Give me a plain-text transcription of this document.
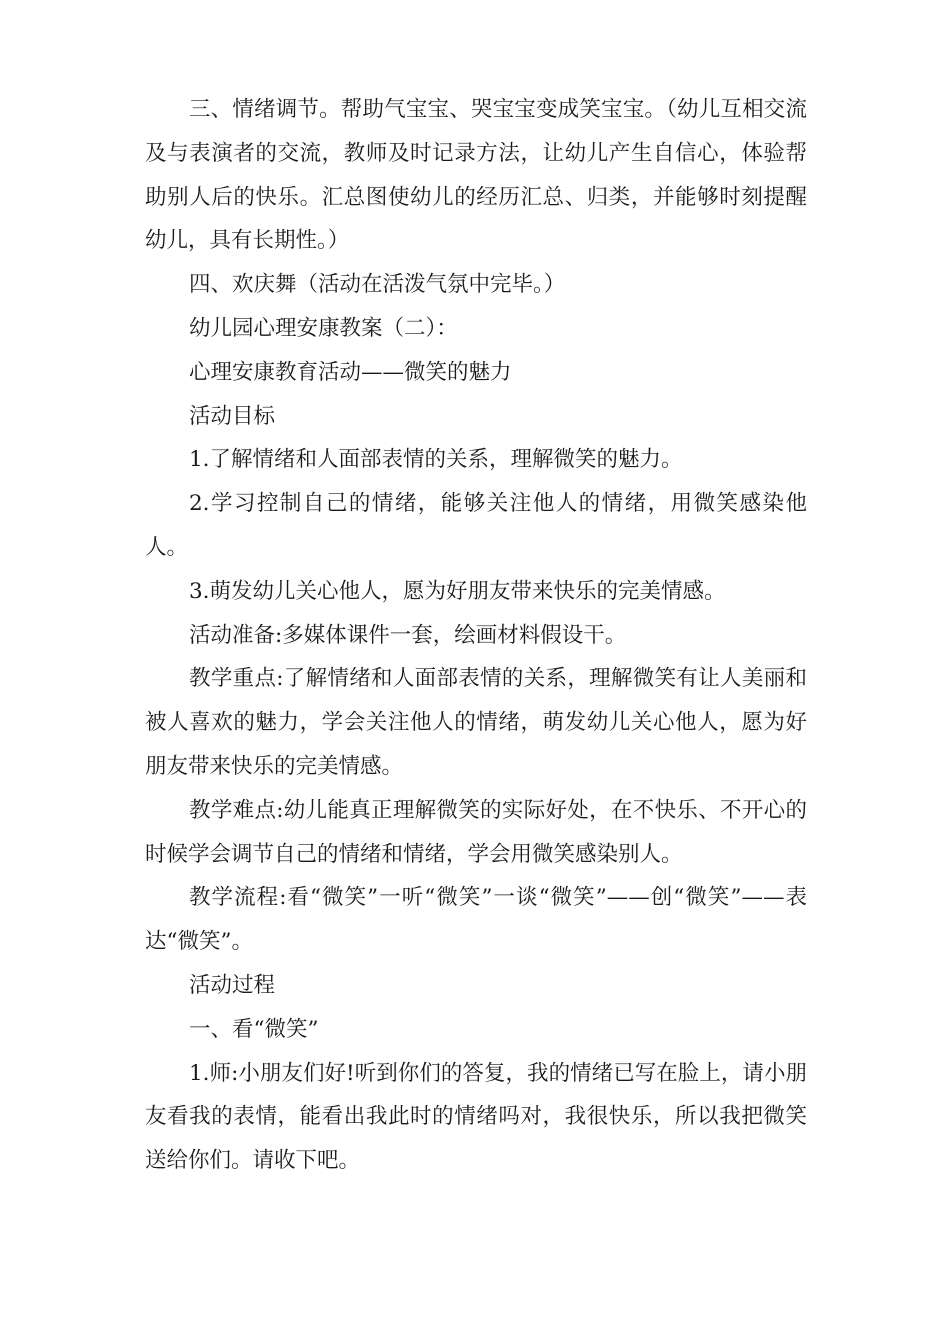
三、情绪调节。帮助气宝宝、哭宝宝变成笑宝宝。（幼儿互相交流及与表演者的交流，教师及时记录方法，让幼儿产生自信心，体验帮助别人后的快乐。汇总图使幼儿的经历汇总、归类，并能够时刻提醒幼儿，具有长期性。）

四、欢庆舞（活动在活泼气氛中完毕。）

幼儿园心理安康教案（二）：

心理安康教育活动——微笑的魅力

活动目标

1.了解情绪和人面部表情的关系，理解微笑的魅力。

2.学习控制自己的情绪，能够关注他人的情绪，用微笑感染他人。

3.萌发幼儿关心他人，愿为好朋友带来快乐的完美情感。

活动准备:多媒体课件一套，绘画材料假设干。

教学重点:了解情绪和人面部表情的关系，理解微笑有让人美丽和被人喜欢的魅力，学会关注他人的情绪，萌发幼儿关心他人，愿为好朋友带来快乐的完美情感。

教学难点:幼儿能真正理解微笑的实际好处，在不快乐、不开心的时候学会调节自己的情绪和情绪，学会用微笑感染别人。

教学流程:看“微笑”一听“微笑”一谈“微笑”——创“微笑”——表达“微笑”。

活动过程

一、看“微笑”

1.师:小朋友们好!听到你们的答复，我的情绪已写在脸上，请小朋友看我的表情，能看出我此时的情绪吗对，我很快乐，所以我把微笑送给你们。请收下吧。
